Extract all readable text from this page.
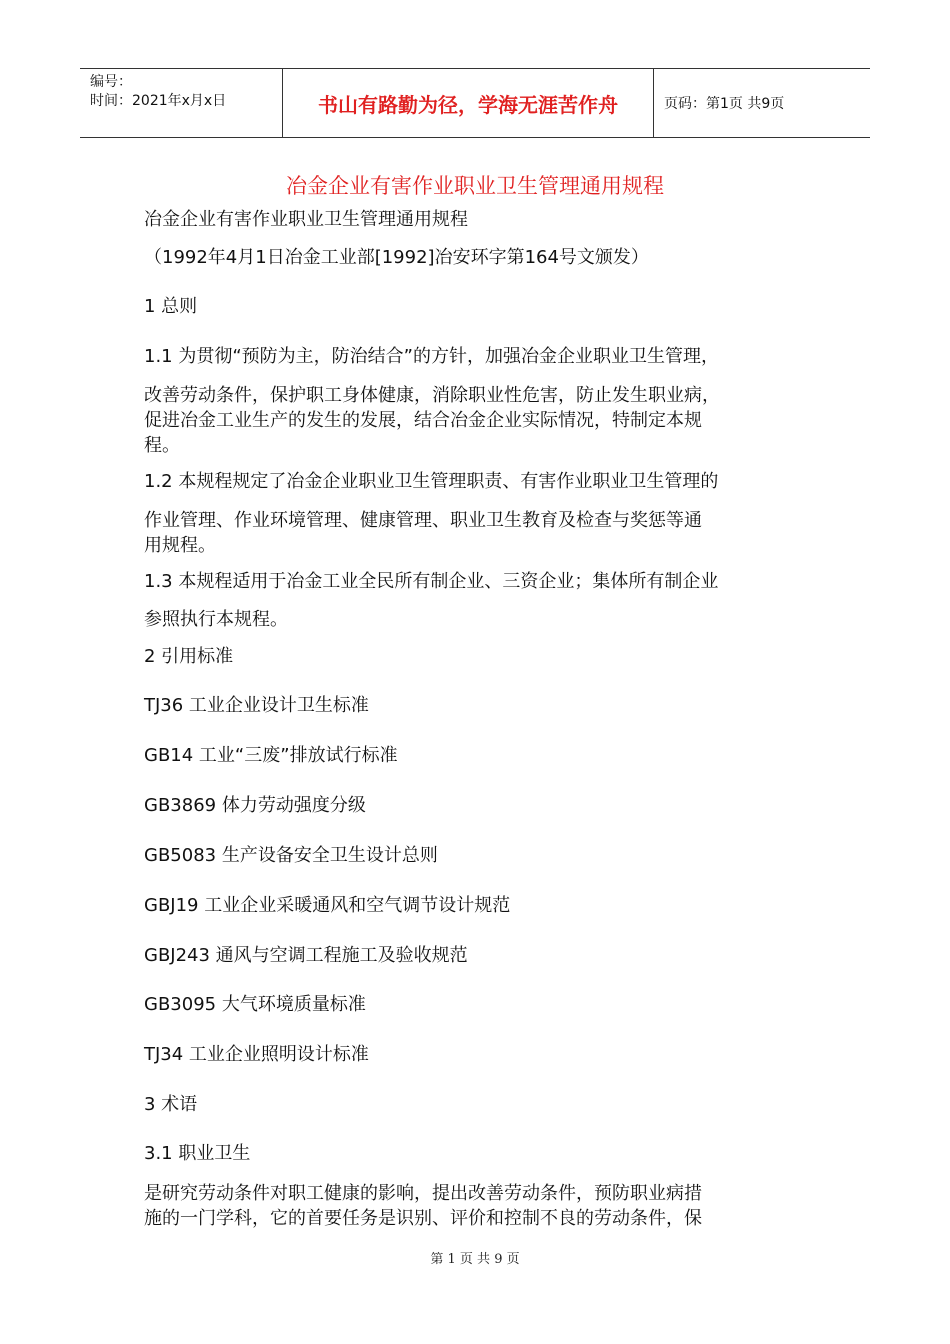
编号：
时间：2021年x月x日	书山有路勤为径，学海无涯苦作舟	页码：第1页 共9页
冶金企业有害作业职业卫生管理通用规程
冶金企业有害作业职业卫生管理通用规程
（1992年4月1日冶金工业部[1992]冶安环字第164号文颁发）
1 总则
1.1 为贯彻“预防为主，防治结合”的方针，加强冶金企业职业卫生管理，
改善劳动条件，保护职工身体健康，消除职业性危害，防止发生职业病，
促进冶金工业生产的发生的发展，结合冶金企业实际情况，特制定本规
程。
1.2 本规程规定了冶金企业职业卫生管理职责、有害作业职业卫生管理的
作业管理、作业环境管理、健康管理、职业卫生教育及检查与奖惩等通
用规程。
1.3 本规程适用于冶金工业全民所有制企业、三资企业；集体所有制企业
参照执行本规程。
2 引用标准
TJ36 工业企业设计卫生标准
GB14 工业“三废”排放试行标准
GB3869 体力劳动强度分级
GB5083 生产设备安全卫生设计总则
GBJ19 工业企业采暖通风和空气调节设计规范
GBJ243 通风与空调工程施工及验收规范
GB3095 大气环境质量标准
TJ34 工业企业照明设计标准
3 术语
3.1 职业卫生
是研究劳动条件对职工健康的影响，提出改善劳动条件，预防职业病措
施的一门学科，它的首要任务是识别、评价和控制不良的劳动条件，保
第 1 页 共 9 页
